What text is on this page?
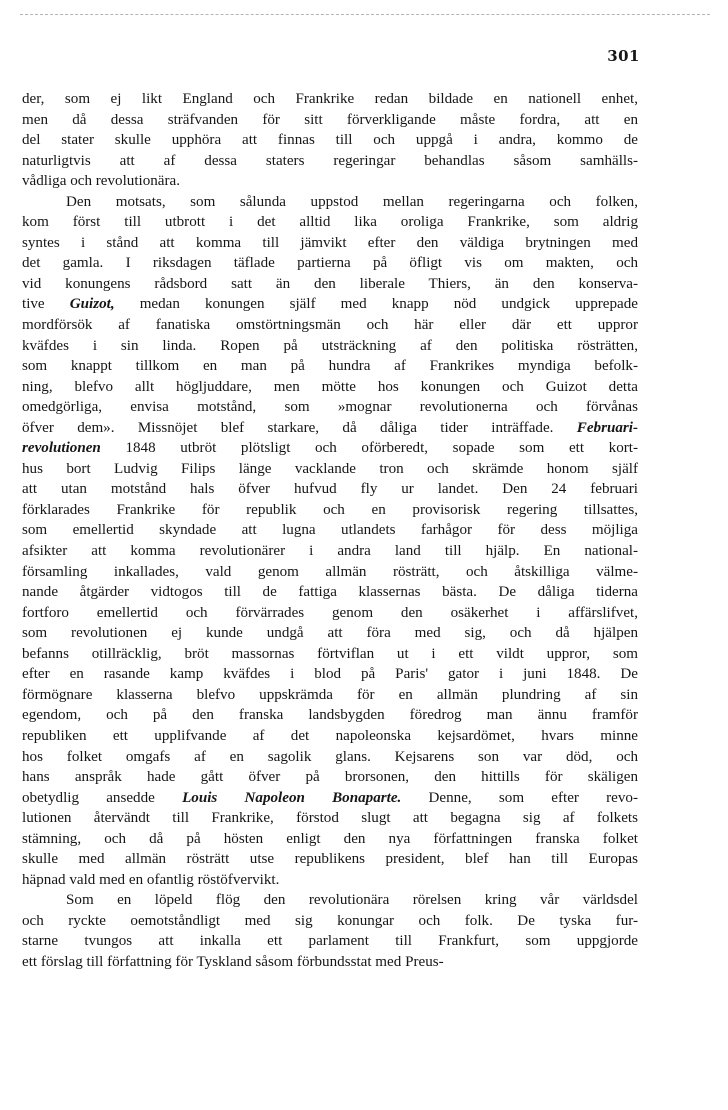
301
der, som ej likt England och Frankrike redan bildade en nationell enhet,
men då dessa sträfvanden för sitt förverkligande måste fordra, att en
del stater skulle upphöra att finnas till och uppgå i andra, kommo de
naturligtvis att af dessa staters regeringar behandlas såsom samhälls-
vådliga och revolutionära.
Den motsats, som sålunda uppstod mellan regeringarna och folken,
kom först till utbrott i det alltid lika oroliga Frankrike, som aldrig
syntes i stånd att komma till jämvikt efter den väldiga brytningen med
det gamla. I riksdagen täflade partierna på öfligt vis om makten, och
vid konungens rådsbord satt än den liberale Thiers, än den konserva-
tive Guizot, medan konungen själf med knapp nöd undgick upprepade
mordförsök af fanatiska omstörtningsmän och här eller där ett uppror
kväfdes i sin linda. Ropen på utsträckning af den politiska rösträtten,
som knappt tillkom en man på hundra af Frankrikes myndiga befolk-
ning, blefvo allt högljuddare, men mötte hos konungen och Guizot detta
omedgörliga, envisa motstånd, som »mognar revolutionerna och förvånas
öfver dem». Missnöjet blef starkare, då dåliga tider inträffade. Februari-
revolutionen 1848 utbröt plötsligt och oförberedt, sopade som ett kort-
hus bort Ludvig Filips länge vacklande tron och skrämde honom själf
att utan motstånd hals öfver hufvud fly ur landet. Den 24 februari
förklarades Frankrike för republik och en provisorisk regering tillsattes,
som emellertid skyndade att lugna utlandets farhågor för dess möjliga
afsikter att komma revolutionärer i andra land till hjälp. En national-
församling inkallades, vald genom allmän rösträtt, och åtskilliga välme-
nande åtgärder vidtogos till de fattiga klassernas bästa. De dåliga tiderna
fortforo emellertid och förvärrades genom den osäkerhet i affärslifvet,
som revolutionen ej kunde undgå att föra med sig, och då hjälpen
befanns otillräcklig, bröt massornas förtviflan ut i ett vildt uppror, som
efter en rasande kamp kväfdes i blod på Paris' gator i juni 1848. De
förmögnare klasserna blefvo uppskrämda för en allmän plundring af sin
egendom, och på den franska landsbygden föredrog man ännu framför
republiken ett upplifvande af det napoleonska kejsardömet, hvars minne
hos folket omgafs af en sagolik glans. Kejsarens son var död, och
hans anspråk hade gått öfver på brorsonen, den hittills för skäligen
obetydlig ansedde Louis Napoleon Bonaparte. Denne, som efter revo-
lutionen återvändt till Frankrike, förstod slugt att begagna sig af folkets
stämning, och då på hösten enligt den nya författningen franska folket
skulle med allmän rösträtt utse republikens president, blef han till Europas
häpnad vald med en ofantlig röstöfvervikt.
Som en löpeld flög den revolutionära rörelsen kring vår världsdel
och ryckte oemotståndligt med sig konungar och folk. De tyska fur-
starne tvungos att inkalla ett parlament till Frankfurt, som uppgjorde
ett förslag till författning för Tyskland såsom förbundsstat med Preus-
